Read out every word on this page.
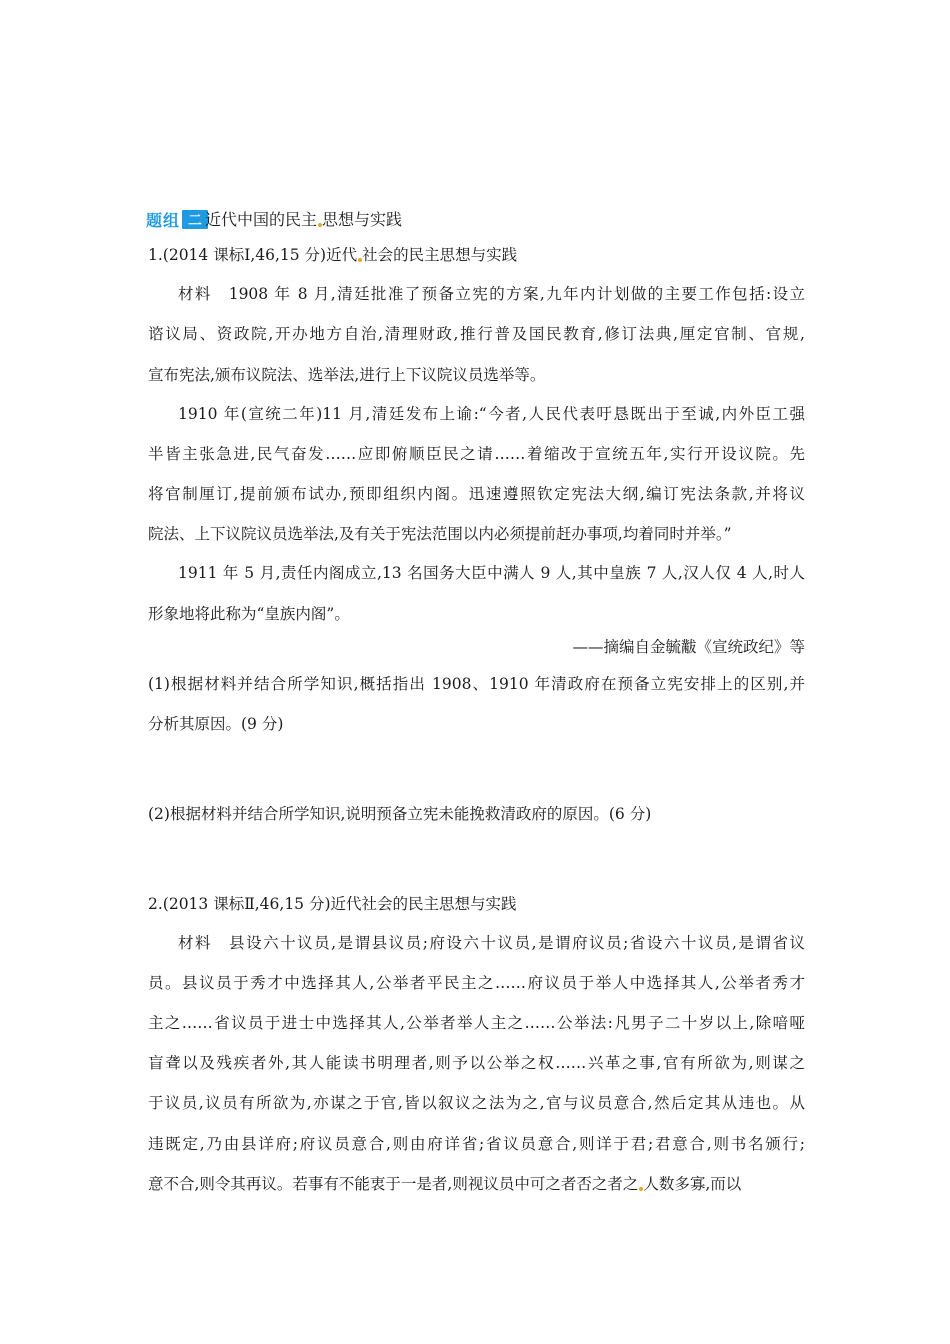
题组 二 近代中国的民主 思想与实践
1.(2014 课标Ⅰ,46,15 分)近代 社会的民主思想与实践
材料　1908 年 8 月,清廷批准了预备立宪的方案,九年内计划做的主要工作包括:设立
谘议局、资政院,开办地方自治,清理财政,推行普及国民教育,修订法典,厘定官制、官规,
宣布宪法,颁布议院法、选举法,进行上下议院议员选举等。
1910 年(宣统二年)11 月,清廷发布上谕:“今者,人民代表吁恳既出于至诚,内外臣工强
半皆主张急进,民气奋发……应即俯顺臣民之请……着缩改于宣统五年,实行开设议院。先
将官制厘订,提前颁布试办,预即组织内阁。迅速遵照钦定宪法大纲,编订宪法条款,并将议
院法、上下议院议员选举法,及有关于宪法范围以内必须提前赶办事项,均着同时并举。”
1911 年 5 月,责任内阁成立,13 名国务大臣中满人 9 人,其中皇族 7 人,汉人仅 4 人,时人
形象地将此称为“皇族内阁”。
——摘编自金毓黻《宣统政纪》等
(1)根据材料并结合所学知识,概括指出 1908、1910 年清政府在预备立宪安排上的区别,并
分析其原因。(9 分)
(2)根据材料并结合所学知识,说明预备立宪未能挽救清政府的原因。(6 分)
2.(2013 课标Ⅱ,46,15 分)近代社会的民主思想与实践
材料　县设六十议员,是谓县议员;府设六十议员,是谓府议员;省设六十议员,是谓省议
员。县议员于秀才中选择其人,公举者平民主之……府议员于举人中选择其人,公举者秀才
主之……省议员于进士中选择其人,公举者举人主之……公举法:凡男子二十岁以上,除喑哑
盲聋以及残疾者外,其人能读书明理者,则予以公举之权……兴革之事,官有所欲为,则谋之
于议员,议员有所欲为,亦谋之于官,皆以叙议之法为之,官与议员意合,然后定其从违也。从
违既定,乃由县详府;府议员意合,则由府详省;省议员意合,则详于君;君意合,则书名颁行;
意不合,则令其再议。若事有不能衷于一是者,则视议员中可之者否之者之 人数多寡,而以
